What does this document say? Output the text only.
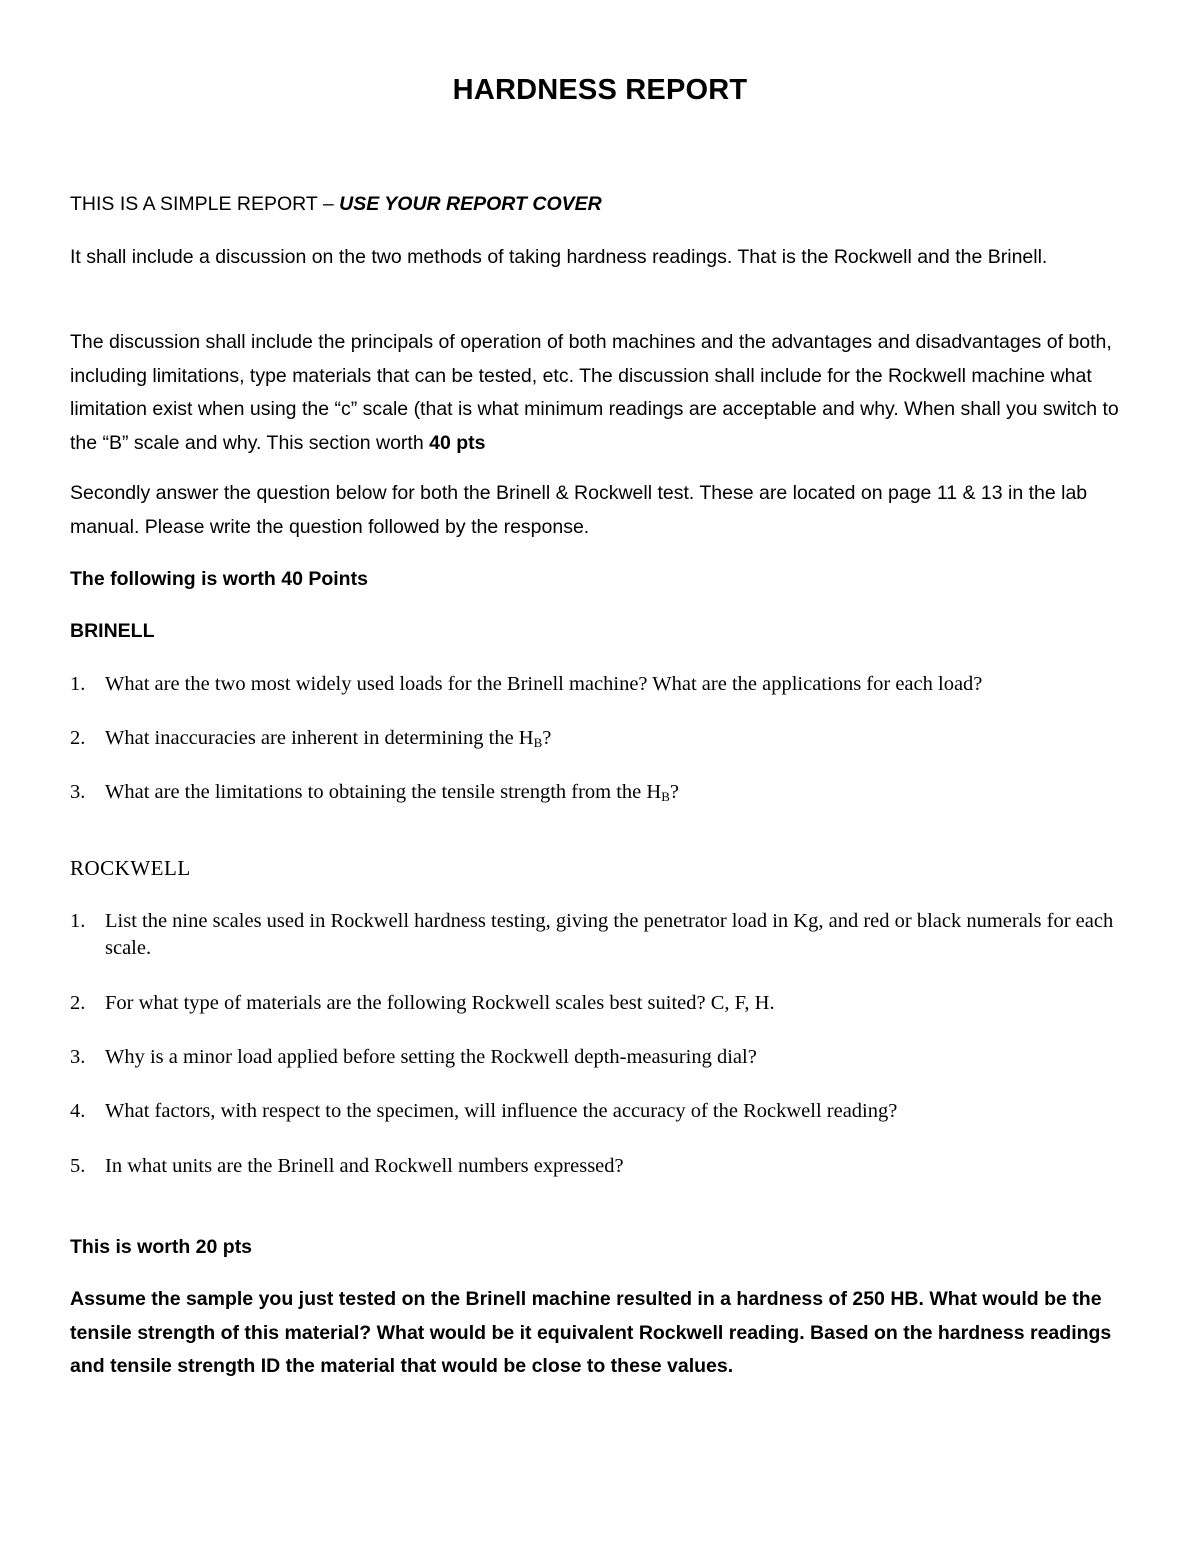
HARDNESS REPORT
THIS IS A SIMPLE REPORT – USE YOUR REPORT COVER
It shall include a discussion on the two methods of taking hardness readings. That is the Rockwell and the Brinell.
The discussion shall include the principals of operation of both machines and the advantages and disadvantages of both, including limitations, type materials that can be tested, etc. The discussion shall include for the Rockwell machine what limitation exist when using the “c” scale (that is what minimum readings are acceptable and why. When shall you switch to the “B” scale and why. This section worth 40 pts
Secondly answer the question below for both the Brinell & Rockwell test. These are located on page 11 & 13 in the lab manual. Please write the question followed by the response.
The following is worth 40 Points
BRINELL
1. What are the two most widely used loads for the Brinell machine? What are the applications for each load?
2. What inaccuracies are inherent in determining the $H_B$?
3. What are the limitations to obtaining the tensile strength from the $H_B$?
ROCKWELL
1. List the nine scales used in Rockwell hardness testing, giving the penetrator load in Kg, and red or black numerals for each scale.
2. For what type of materials are the following Rockwell scales best suited? C, F, H.
3. Why is a minor load applied before setting the Rockwell depth-measuring dial?
4. What factors, with respect to the specimen, will influence the accuracy of the Rockwell reading?
5. In what units are the Brinell and Rockwell numbers expressed?
This is worth 20 pts
Assume the sample you just tested on the Brinell machine resulted in a hardness of 250 HB. What would be the tensile strength of this material? What would be it equivalent Rockwell reading. Based on the hardness readings and tensile strength ID the material that would be close to these values.
